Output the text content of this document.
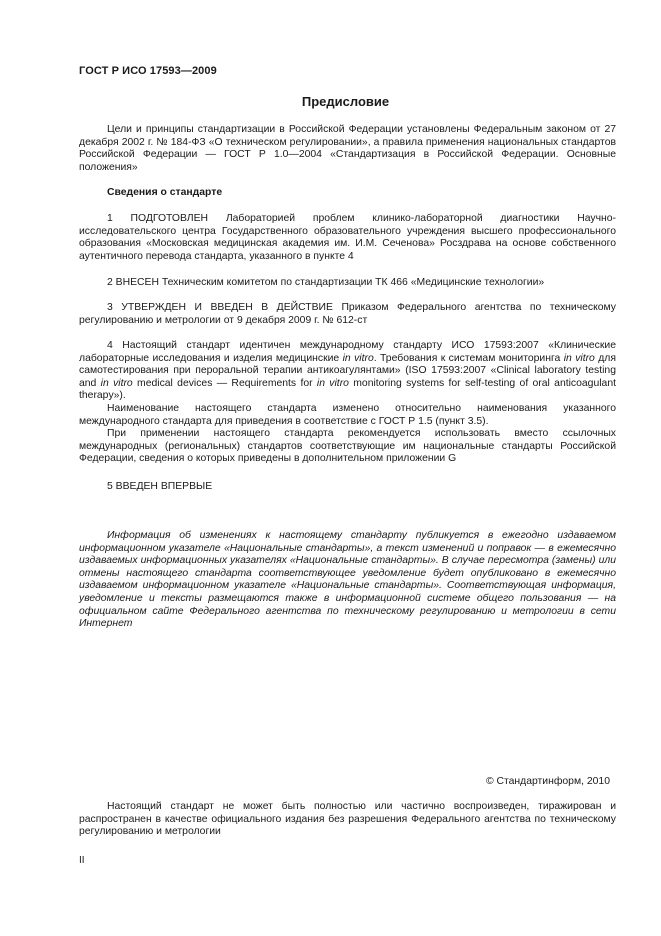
ГОСТ Р ИСО 17593—2009
Предисловие
Цели и принципы стандартизации в Российской Федерации установлены Федеральным законом от 27 декабря 2002 г. № 184-ФЗ «О техническом регулировании», а правила применения национальных стандартов Российской Федерации — ГОСТ Р 1.0—2004 «Стандартизация в Российской Федерации. Основные положения»
Сведения о стандарте
1 ПОДГОТОВЛЕН Лабораторией проблем клинико-лабораторной диагностики Научно-исследовательского центра Государственного образовательного учреждения высшего профессионального образования «Московская медицинская академия им. И.М. Сеченова» Росздрава на основе собственного аутентичного перевода стандарта, указанного в пункте 4
2 ВНЕСЕН Техническим комитетом по стандартизации ТК 466 «Медицинские технологии»
3 УТВЕРЖДЕН И ВВЕДЕН В ДЕЙСТВИЕ Приказом Федерального агентства по техническому регулированию и метрологии от 9 декабря 2009 г. № 612-ст

4 Настоящий стандарт идентичен международному стандарту ИСО 17593:2007 «Клинические лабораторные исследования и изделия медицинские in vitro. Требования к системам мониторинга in vitro для самотестирования при пероральной терапии антикоагулянтами» (ISO 17593:2007 «Clinical laboratory testing and in vitro medical devices — Requirements for in vitro monitoring systems for self-testing of oral anticoagulant therapy»).

Наименование настоящего стандарта изменено относительно наименования указанного международного стандарта для приведения в соответствие с ГОСТ Р 1.5 (пункт 3.5).

При применении настоящего стандарта рекомендуется использовать вместо ссылочных международных (региональных) стандартов соответствующие им национальные стандарты Российской Федерации, сведения о которых приведены в дополнительном приложении G

5 ВВЕДЕН ВПЕРВЫЕ
Информация об изменениях к настоящему стандарту публикуется в ежегодно издаваемом информационном указателе «Национальные стандарты», а текст изменений и поправок — в ежемесячно издаваемых информационных указателях «Национальные стандарты». В случае пересмотра (замены) или отмены настоящего стандарта соответствующее уведомление будет опубликовано в ежемесячно издаваемом информационном указателе «Национальные стандарты». Соответствующая информация, уведомление и тексты размещаются также в информационной системе общего пользования — на официальном сайте Федерального агентства по техническому регулированию и метрологии в сети Интернет
© Стандартинформ, 2010
Настоящий стандарт не может быть полностью или частично воспроизведен, тиражирован и распространен в качестве официального издания без разрешения Федерального агентства по техническому регулированию и метрологии
II
